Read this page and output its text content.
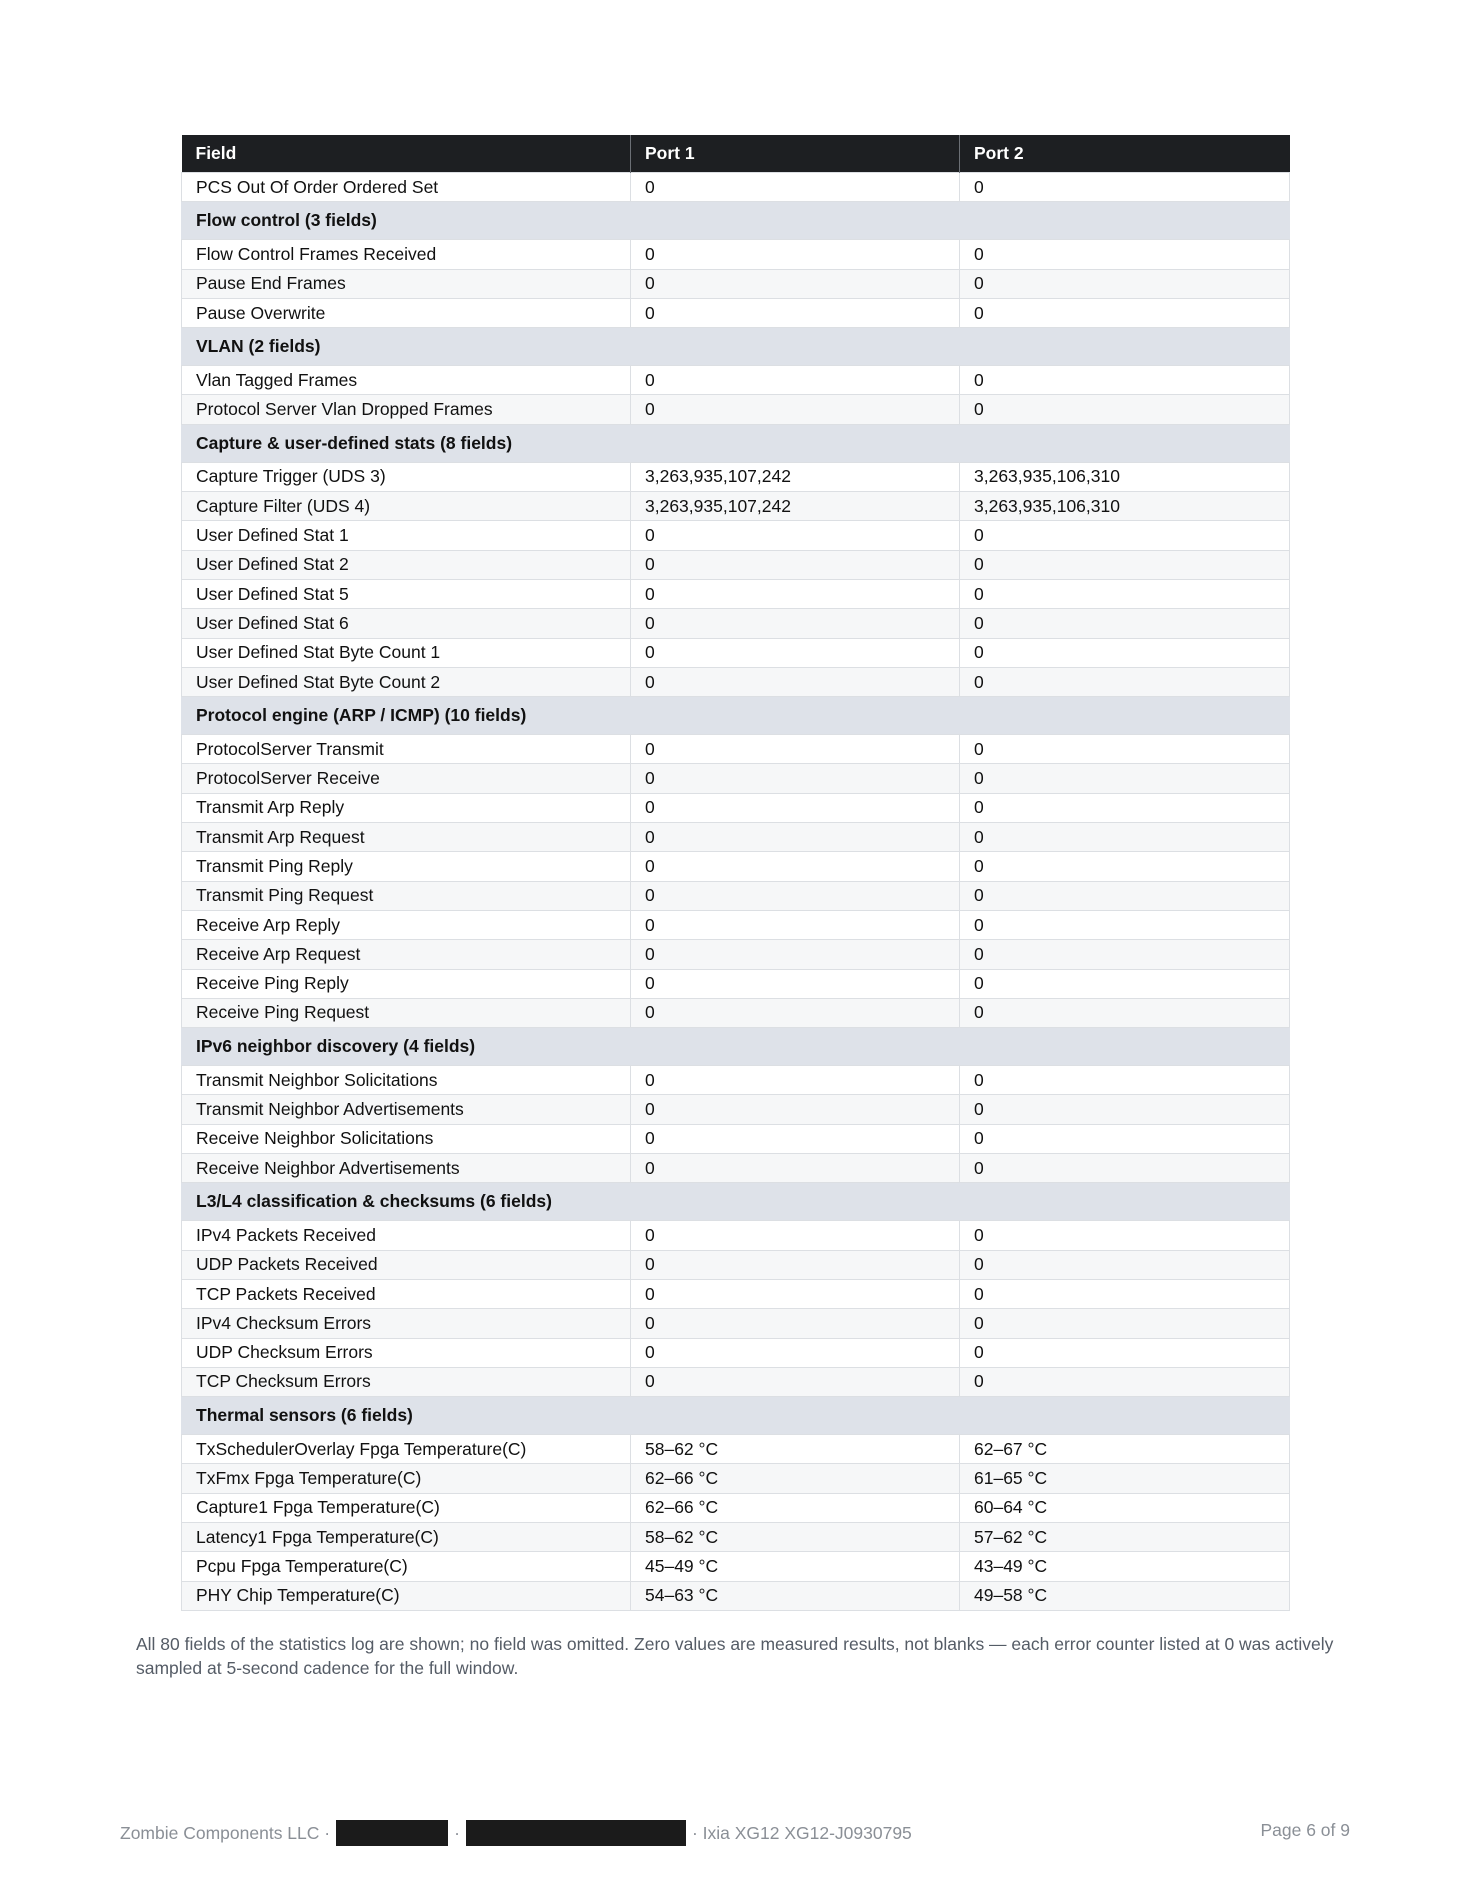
Field	Port 1	Port 2
PCS Out Of Order Ordered Set	0	0
Flow control (3 fields)		
Flow Control Frames Received	0	0
Pause End Frames	0	0
Pause Overwrite	0	0
VLAN (2 fields)		
Vlan Tagged Frames	0	0
Protocol Server Vlan Dropped Frames	0	0
Capture & user-defined stats (8 fields)		
Capture Trigger (UDS 3)	3,263,935,107,242	3,263,935,106,310
Capture Filter (UDS 4)	3,263,935,107,242	3,263,935,106,310
User Defined Stat 1	0	0
User Defined Stat 2	0	0
User Defined Stat 5	0	0
User Defined Stat 6	0	0
User Defined Stat Byte Count 1	0	0
User Defined Stat Byte Count 2	0	0
Protocol engine (ARP / ICMP) (10 fields)		
ProtocolServer Transmit	0	0
ProtocolServer Receive	0	0
Transmit Arp Reply	0	0
Transmit Arp Request	0	0
Transmit Ping Reply	0	0
Transmit Ping Request	0	0
Receive Arp Reply	0	0
Receive Arp Request	0	0
Receive Ping Reply	0	0
Receive Ping Request	0	0
IPv6 neighbor discovery (4 fields)		
Transmit Neighbor Solicitations	0	0
Transmit Neighbor Advertisements	0	0
Receive Neighbor Solicitations	0	0
Receive Neighbor Advertisements	0	0
L3/L4 classification & checksums (6 fields)		
IPv4 Packets Received	0	0
UDP Packets Received	0	0
TCP Packets Received	0	0
IPv4 Checksum Errors	0	0
UDP Checksum Errors	0	0
TCP Checksum Errors	0	0
Thermal sensors (6 fields)		
TxSchedulerOverlay Fpga Temperature(C)	58–62 °C	62–67 °C
TxFmx Fpga Temperature(C)	62–66 °C	61–65 °C
Capture1 Fpga Temperature(C)	62–66 °C	60–64 °C
Latency1 Fpga Temperature(C)	58–62 °C	57–62 °C
Pcpu Fpga Temperature(C)	45–49 °C	43–49 °C
PHY Chip Temperature(C)	54–63 °C	49–58 °C
All 80 fields of the statistics log are shown; no field was omitted. Zero values are measured results, not blanks — each error counter listed at 0 was actively sampled at 5-second cadence for the full window.
Zombie Components LLC ·	·	· Ixia XG12 XG12-J0930795	Page 6 of 9
